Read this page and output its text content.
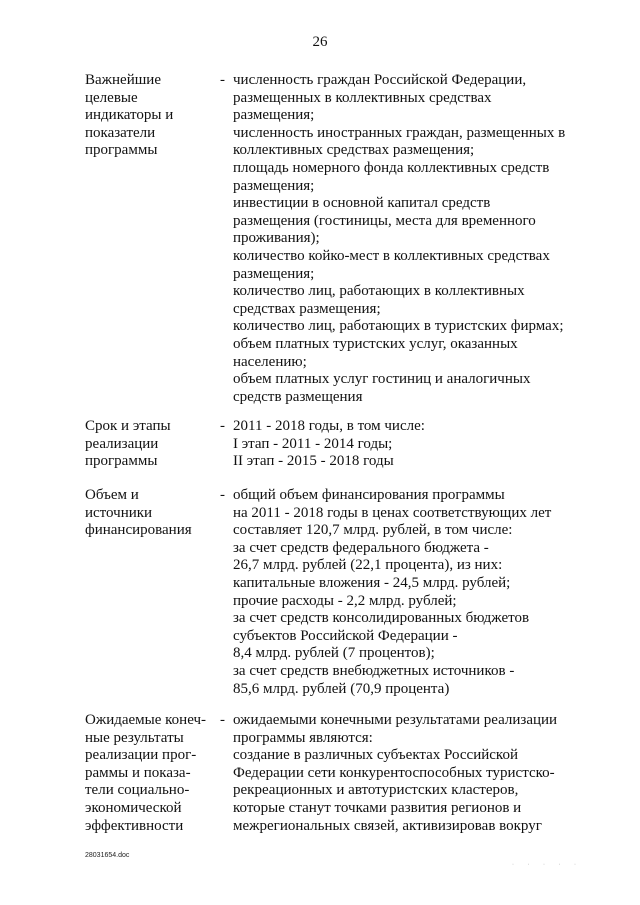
26
Важнейшие
целевые
индикаторы и
показатели
программы
- численность граждан Российской Федерации,
размещенных в коллективных средствах
размещения;
численность иностранных граждан, размещенных в
коллективных средствах размещения;
площадь номерного фонда коллективных средств
размещения;
инвестиции в основной капитал средств
размещения (гостиницы, места для временного
проживания);
количество койко-мест в коллективных средствах
размещения;
количество лиц, работающих в коллективных
средствах размещения;
количество лиц, работающих в туристских фирмах;
объем платных туристских услуг, оказанных
населению;
объем платных услуг гостиниц и аналогичных
средств размещения
Срок и этапы
реализации
программы
- 2011 - 2018 годы, в том числе:
I этап - 2011 - 2014 годы;
II этап - 2015 - 2018 годы
Объем и
источники
финансирования
- общий объем финансирования программы
на 2011 - 2018 годы в ценах соответствующих лет
составляет 120,7 млрд. рублей, в том числе:
за счет средств федерального бюджета -
26,7 млрд. рублей (22,1 процента), из них:
капитальные вложения - 24,5 млрд. рублей;
прочие расходы - 2,2 млрд. рублей;
за счет средств консолидированных бюджетов
субъектов Российской Федерации -
8,4 млрд. рублей (7 процентов);
за счет средств внебюджетных источников -
85,6 млрд. рублей (70,9 процента)
Ожидаемые конеч-
ные результаты
реализации прог-
раммы и показа-
тели социально-
экономической
эффективности
- ожидаемыми конечными результатами реализации
программы являются:
создание в различных субъектах Российской
Федерации сети конкурентоспособных туристско-
рекреационных и автотуристских кластеров,
которые станут точками развития регионов и
межрегиональных связей, активизировав вокруг
28031654.doc
· · · · ·
